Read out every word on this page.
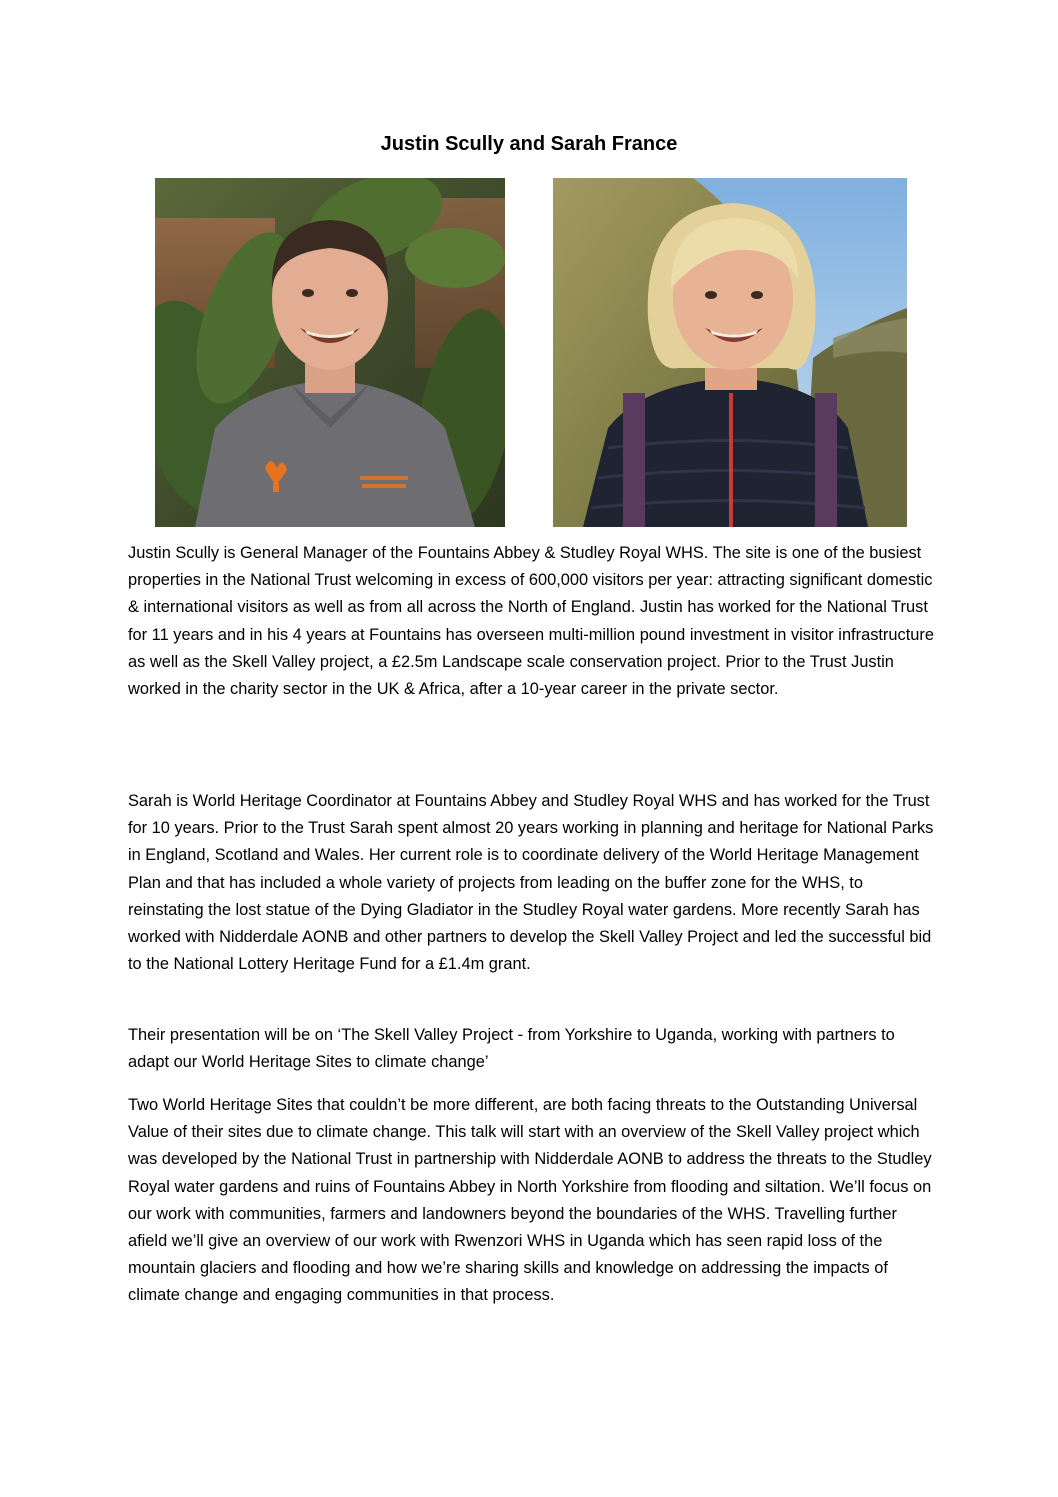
Justin Scully and Sarah France

Justin Scully is General Manager of the Fountains Abbey & Studley Royal WHS. The site is one of the busiest properties in the National Trust welcoming in excess of 600,000 visitors per year: attracting significant domestic & international visitors as well as from all across the North of England. Justin has worked for the National Trust for 11 years and in his 4 years at Fountains has overseen multi-million pound investment in visitor infrastructure as well as the Skell Valley project, a £2.5m Landscape scale conservation project. Prior to the Trust Justin worked in the charity sector in the UK & Africa, after a 10-year career in the private sector.

Sarah is World Heritage Coordinator at Fountains Abbey and Studley Royal WHS and has worked for the Trust for 10 years. Prior to the Trust Sarah spent almost 20 years working in planning and heritage for National Parks in England, Scotland and Wales. Her current role is to coordinate delivery of the World Heritage Management Plan and that has included a whole variety of projects from leading on the buffer zone for the WHS, to reinstating the lost statue of the Dying Gladiator in the Studley Royal water gardens. More recently Sarah has worked with Nidderdale AONB and other partners to develop the Skell Valley Project and led the successful bid to the National Lottery Heritage Fund for a £1.4m grant.

Their presentation will be on ‘The Skell Valley Project - from Yorkshire to Uganda, working with partners to adapt our World Heritage Sites to climate change’

Two World Heritage Sites that couldn’t be more different, are both facing threats to the Outstanding Universal Value of their sites due to climate change. This talk will start with an overview of the Skell Valley project which was developed by the National Trust in partnership with Nidderdale AONB to address the threats to the Studley Royal water gardens and ruins of Fountains Abbey in North Yorkshire from flooding and siltation. We’ll focus on our work with communities, farmers and landowners beyond the boundaries of the WHS. Travelling further afield we’ll give an overview of our work with Rwenzori WHS in Uganda which has seen rapid loss of the mountain glaciers and flooding and how we’re sharing skills and knowledge on addressing the impacts of climate change and engaging communities in that process.
